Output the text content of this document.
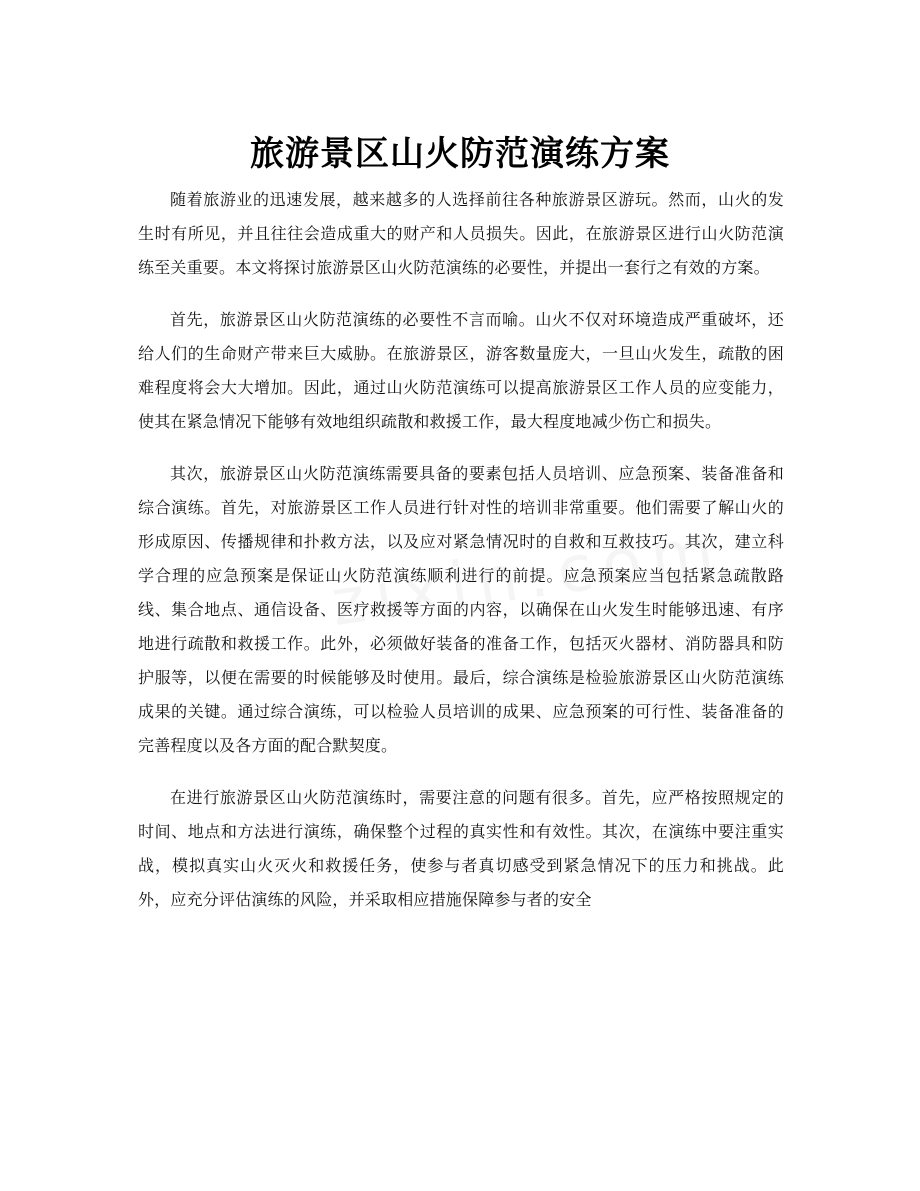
旅游景区山火防范演练方案

随着旅游业的迅速发展，越来越多的人选择前往各种旅游景区游玩。然而，山火的发生时有所见，并且往往会造成重大的财产和人员损失。因此，在旅游景区进行山火防范演练至关重要。本文将探讨旅游景区山火防范演练的必要性，并提出一套行之有效的方案。

首先，旅游景区山火防范演练的必要性不言而喻。山火不仅对环境造成严重破坏，还给人们的生命财产带来巨大威胁。在旅游景区，游客数量庞大，一旦山火发生，疏散的困难程度将会大大增加。因此，通过山火防范演练可以提高旅游景区工作人员的应变能力，使其在紧急情况下能够有效地组织疏散和救援工作，最大程度地减少伤亡和损失。

其次，旅游景区山火防范演练需要具备的要素包括人员培训、应急预案、装备准备和综合演练。首先，对旅游景区工作人员进行针对性的培训非常重要。他们需要了解山火的形成原因、传播规律和扑救方法，以及应对紧急情况时的自救和互救技巧。其次，建立科学合理的应急预案是保证山火防范演练顺利进行的前提。应急预案应当包括紧急疏散路线、集合地点、通信设备、医疗救援等方面的内容，以确保在山火发生时能够迅速、有序地进行疏散和救援工作。此外，必须做好装备的准备工作，包括灭火器材、消防器具和防护服等，以便在需要的时候能够及时使用。最后，综合演练是检验旅游景区山火防范演练成果的关键。通过综合演练，可以检验人员培训的成果、应急预案的可行性、装备准备的完善程度以及各方面的配合默契度。

在进行旅游景区山火防范演练时，需要注意的问题有很多。首先，应严格按照规定的时间、地点和方法进行演练，确保整个过程的真实性和有效性。其次，在演练中要注重实战，模拟真实山火灭火和救援任务，使参与者真切感受到紧急情况下的压力和挑战。此外，应充分评估演练的风险，并采取相应措施保障参与者的安全
